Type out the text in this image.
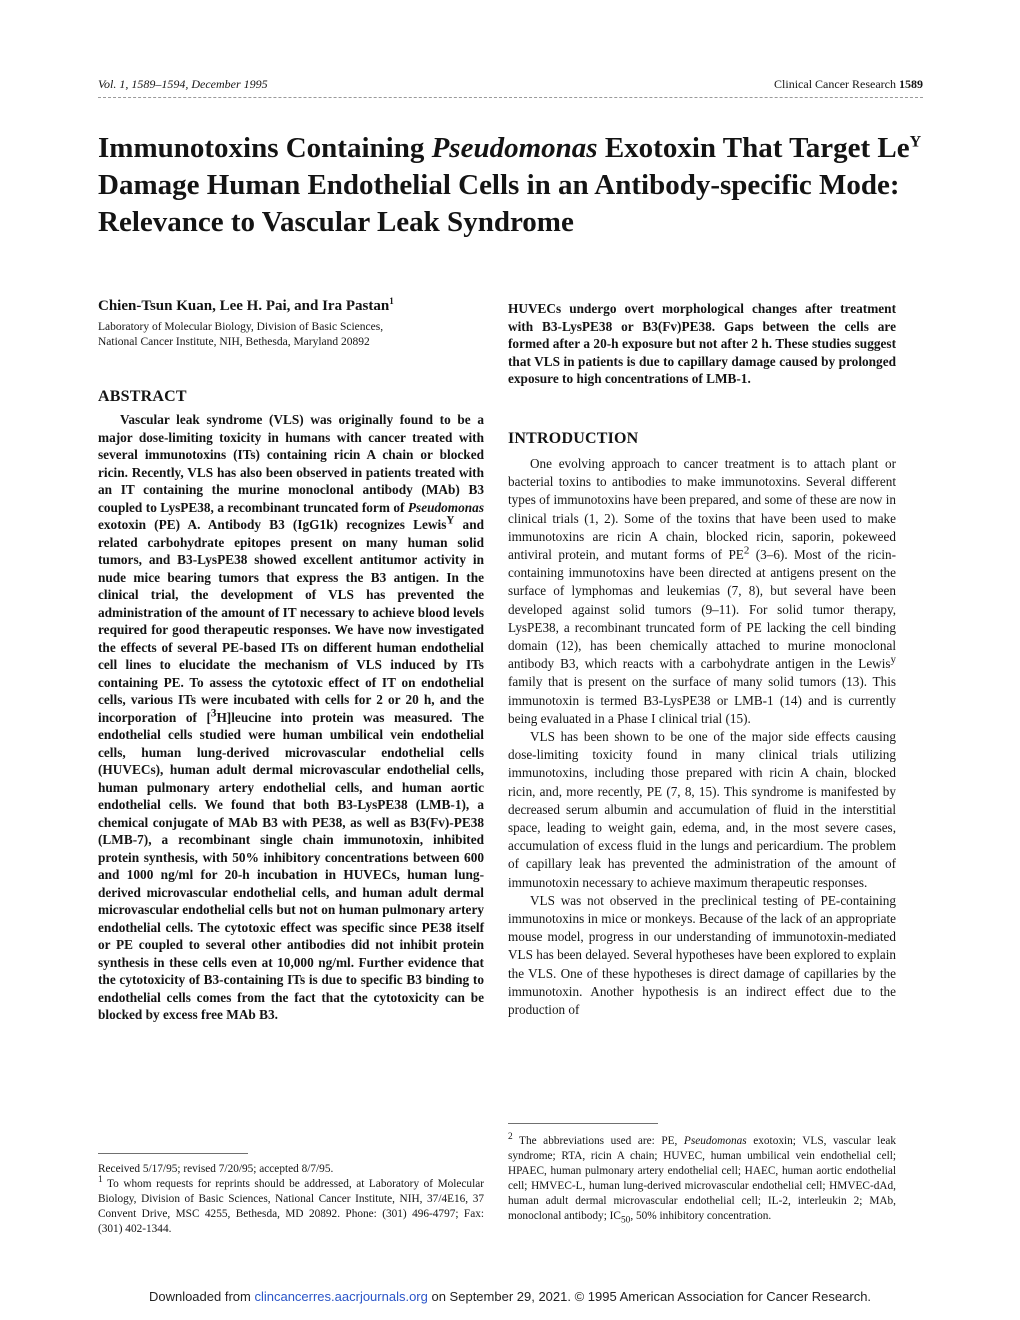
Vol. 1, 1589–1594, December 1995	Clinical Cancer Research 1589
Immunotoxins Containing Pseudomonas Exotoxin That Target $Le^Y$
Damage Human Endothelial Cells in an Antibody-specific Mode:
Relevance to Vascular Leak Syndrome

Chien-Tsun Kuan, Lee H. Pai, and Ira Pastan$^1$

Laboratory of Molecular Biology, Division of Basic Sciences,
National Cancer Institute, NIH, Bethesda, Maryland 20892

ABSTRACT

Vascular leak syndrome (VLS) was originally found to be a major dose-limiting toxicity in humans with cancer treated with several immunotoxins (ITs) containing ricin A chain or blocked ricin. Recently, VLS has also been observed in patients treated with an IT containing the murine monoclonal antibody (MAb) B3 coupled to LysPE38, a recombinant truncated form of Pseudomonas exotoxin (PE) A. Antibody B3 (IgG1k) recognizes Lewis$^Y$ and related carbohydrate epitopes present on many human solid tumors, and B3-LysPE38 showed excellent antitumor activity in nude mice bearing tumors that express the B3 antigen. In the clinical trial, the development of VLS has prevented the administration of the amount of IT necessary to achieve blood levels required for good therapeutic responses. We have now investigated the effects of several PE-based ITs on different human endothelial cell lines to elucidate the mechanism of VLS induced by ITs containing PE. To assess the cytotoxic effect of IT on endothelial cells, various ITs were incubated with cells for 2 or 20 h, and the incorporation of [$^3$H]leucine into protein was measured. The endothelial cells studied were human umbilical vein endothelial cells, human lung-derived microvascular endothelial cells (HUVECs), human adult dermal microvascular endothelial cells, human pulmonary artery endothelial cells, and human aortic endothelial cells. We found that both B3-LysPE38 (LMB-1), a chemical conjugate of MAb B3 with PE38, as well as B3(Fv)-PE38 (LMB-7), a recombinant single chain immunotoxin, inhibited protein synthesis, with 50% inhibitory concentrations between 600 and 1000 ng/ml for 20-h incubation in HUVECs, human lung-derived microvascular endothelial cells, and human adult dermal microvascular endothelial cells but not on human pulmonary artery endothelial cells. The cytotoxic effect was specific since PE38 itself or PE coupled to several other antibodies did not inhibit protein synthesis in these cells even at 10,000 ng/ml. Further evidence that the cytotoxicity of B3-containing ITs is due to specific B3 binding to endothelial cells comes from the fact that the cytotoxicity can be blocked by excess free MAb B3.

HUVECs undergo overt morphological changes after treatment with B3-LysPE38 or B3(Fv)PE38. Gaps between the cells are formed after a 20-h exposure but not after 2 h. These studies suggest that VLS in patients is due to capillary damage caused by prolonged exposure to high concentrations of LMB-1.

INTRODUCTION

One evolving approach to cancer treatment is to attach plant or bacterial toxins to antibodies to make immunotoxins. Several different types of immunotoxins have been prepared, and some of these are now in clinical trials (1, 2). Some of the toxins that have been used to make immunotoxins are ricin A chain, blocked ricin, saporin, pokeweed antiviral protein, and mutant forms of $PE^2$ (3–6). Most of the ricin-containing immunotoxins have been directed at antigens present on the surface of lymphomas and leukemias (7, 8), but several have been developed against solid tumors (9–11). For solid tumor therapy, LysPE38, a recombinant truncated form of PE lacking the cell binding domain (12), has been chemically attached to murine monoclonal antibody B3, which reacts with a carbohydrate antigen in the Lewis$^y$ family that is present on the surface of many solid tumors (13). This immunotoxin is termed B3-LysPE38 or LMB-1 (14) and is currently being evaluated in a Phase I clinical trial (15).

VLS has been shown to be one of the major side effects causing dose-limiting toxicity found in many clinical trials utilizing immunotoxins, including those prepared with ricin A chain, blocked ricin, and, more recently, PE (7, 8, 15). This syndrome is manifested by decreased serum albumin and accumulation of fluid in the interstitial space, leading to weight gain, edema, and, in the most severe cases, accumulation of excess fluid in the lungs and pericardium. The problem of capillary leak has prevented the administration of the amount of immunotoxin necessary to achieve maximum therapeutic responses.

VLS was not observed in the preclinical testing of PE-containing immunotoxins in mice or monkeys. Because of the lack of an appropriate mouse model, progress in our understanding of immunotoxin-mediated VLS has been delayed. Several hypotheses have been explored to explain the VLS. One of these hypotheses is direct damage of capillaries by the immunotoxin. Another hypothesis is an indirect effect due to the production of

Received 5/17/95; revised 7/20/95; accepted 8/7/95.

$^1$ To whom requests for reprints should be addressed, at Laboratory of Molecular Biology, Division of Basic Sciences, National Cancer Institute, NIH, 37/4E16, 37 Convent Drive, MSC 4255, Bethesda, MD 20892. Phone: (301) 496-4797; Fax: (301) 402-1344.

$^2$ The abbreviations used are: PE, Pseudomonas exotoxin; VLS, vascular leak syndrome; RTA, ricin A chain; HUVEC, human umbilical vein endothelial cell; HPAEC, human pulmonary artery endothelial cell; HAEC, human aortic endothelial cell; HMVEC-L, human lung-derived microvascular endothelial cell; HMVEC-dAd, human adult dermal microvascular endothelial cell; IL-2, interleukin 2; MAb, monoclonal antibody; $IC_{50}$, 50% inhibitory concentration.

Downloaded from clincancerres.aacrjournals.org on September 29, 2021. © 1995 American Association for Cancer Research.
